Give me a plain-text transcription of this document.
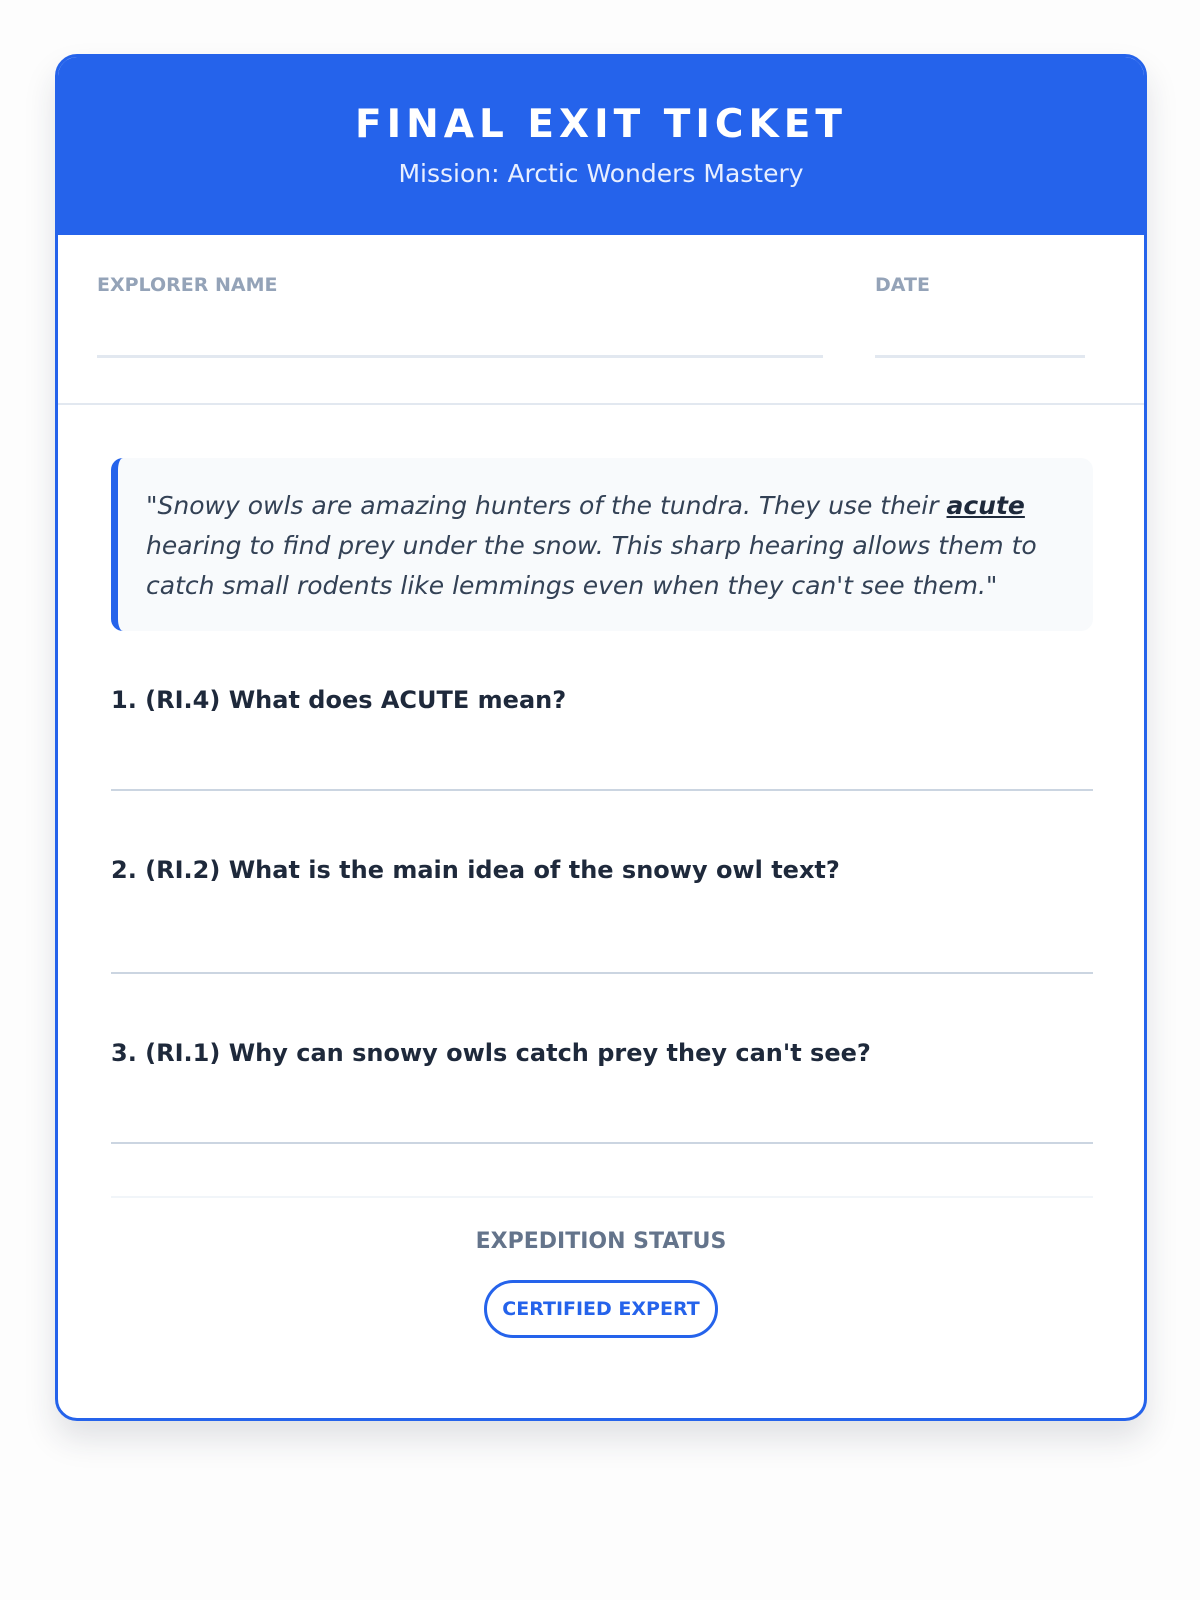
FINAL EXIT TICKET
Mission: Arctic Wonders Mastery
EXPLORER NAME	DATE
"Snowy owls are amazing hunters of the tundra. They use their acute hearing to find prey under the snow. This sharp hearing allows them to catch small rodents like lemmings even when they can't see them."
1. (RI.4) What does ACUTE mean?
2. (RI.2) What is the main idea of the snowy owl text?
3. (RI.1) Why can snowy owls catch prey they can't see?
EXPEDITION STATUS
CERTIFIED EXPERT
